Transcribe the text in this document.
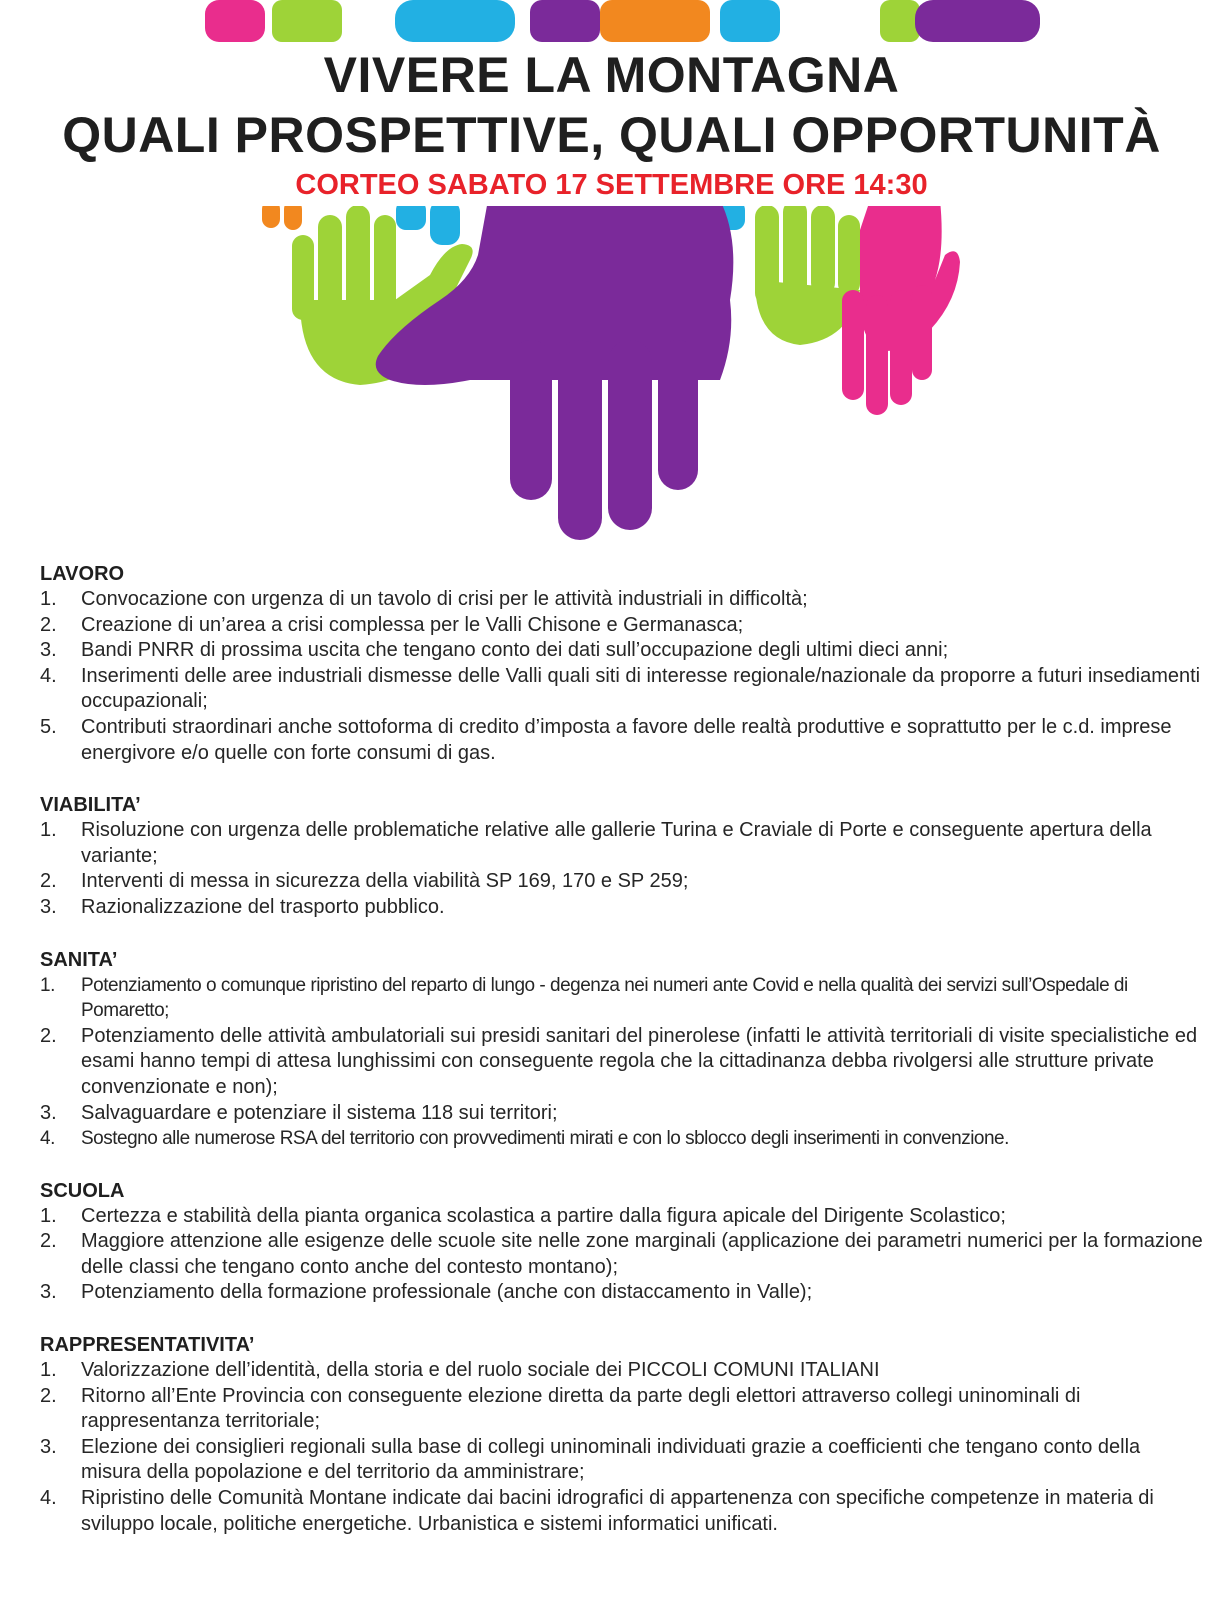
VIVERE LA MONTAGNA
QUALI PROSPETTIVE, QUALI OPPORTUNITÀ

CORTEO SABATO 17 SETTEMBRE ORE 14:30

LAVORO
1. Convocazione con urgenza di un tavolo di crisi per le attività industriali in difficoltà;
2. Creazione di un’area a crisi complessa per le Valli Chisone e Germanasca;
3. Bandi PNRR di prossima uscita che tengano conto dei dati sull’occupazione degli ultimi dieci anni;
4. Inserimenti delle aree industriali dismesse delle Valli quali siti di interesse regionale/nazionale da proporre a futuri insediamenti occupazionali;
5. Contributi straordinari anche sottoforma di credito d’imposta a favore delle realtà produttive e soprattutto per le c.d. imprese energivore e/o quelle con forte consumi di gas.
VIABILITA’
1. Risoluzione con urgenza delle problematiche relative alle gallerie Turina e Craviale di Porte e conseguente apertura della variante;
2. Interventi di messa in sicurezza della viabilità SP 169, 170 e SP 259;
3. Razionalizzazione del trasporto pubblico.
SANITA’
1. Potenziamento o comunque ripristino del reparto di lungo - degenza nei numeri ante Covid e nella qualità dei servizi sull’Ospedale di Pomaretto;
2. Potenziamento delle attività ambulatoriali sui presidi sanitari del pinerolese (infatti le attività territoriali di visite specialistiche ed esami hanno tempi di attesa lunghissimi con conseguente regola che la cittadinanza debba rivolgersi alle strutture private convenzionate e non);
3. Salvaguardare e potenziare il sistema 118 sui territori;
4. Sostegno alle numerose RSA del territorio con provvedimenti mirati e con lo sblocco degli inserimenti in convenzione.
SCUOLA
1. Certezza e stabilità della pianta organica scolastica a partire dalla figura apicale del Dirigente Scolastico;
2. Maggiore attenzione alle esigenze delle scuole site nelle zone marginali (applicazione dei parametri numerici per la formazione delle classi che tengano conto anche del contesto montano);
3. Potenziamento della formazione professionale (anche con distaccamento in Valle);
RAPPRESENTATIVITA’
1. Valorizzazione dell’identità, della storia e del ruolo sociale dei PICCOLI COMUNI ITALIANI
2. Ritorno all’Ente Provincia con conseguente elezione diretta da parte degli elettori attraverso collegi uninominali di rappresentanza territoriale;
3. Elezione dei consiglieri regionali sulla base di collegi uninominali individuati grazie a coefficienti che tengano conto della misura della popolazione e del territorio da amministrare;
4. Ripristino delle Comunità Montane indicate dai bacini idrografici di appartenenza con specifiche competenze in materia di sviluppo locale, politiche energetiche. Urbanistica e sistemi informatici unificati.
